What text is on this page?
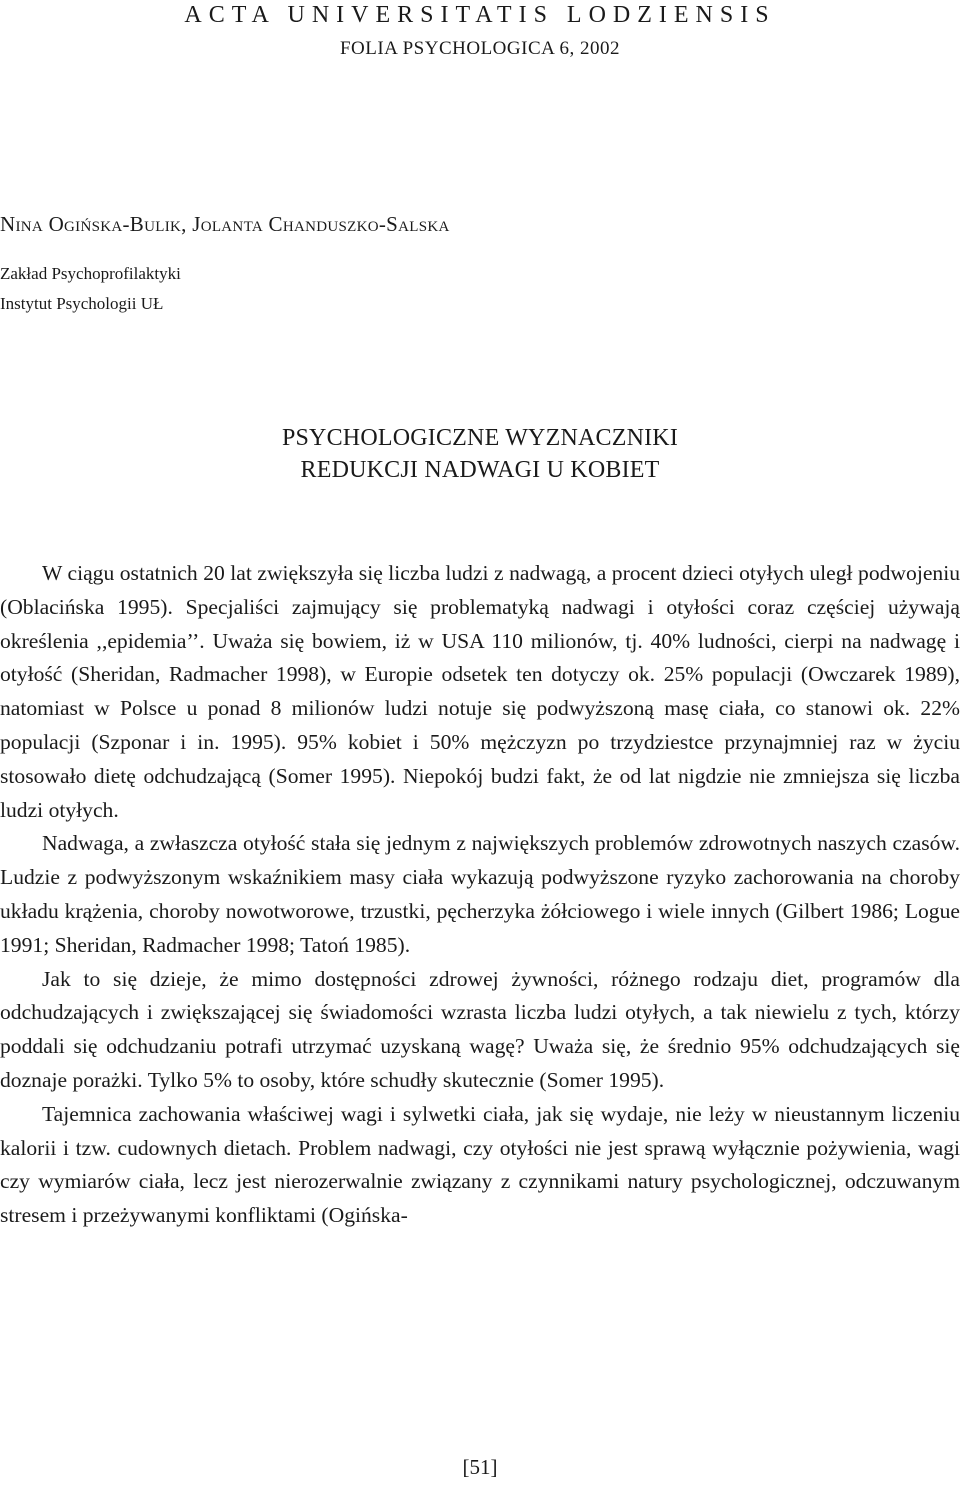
ACTA UNIVERSITATIS LODZIENSIS
FOLIA PSYCHOLOGICA 6, 2002
Nina Ogińska-Bulik, Jolanta Chanduszko-Salska
Zakład Psychoprofilaktyki
Instytut Psychologii UŁ
PSYCHOLOGICZNE WYZNACZNIKI
REDUKCJI NADWAGI U KOBIET

W ciągu ostatnich 20 lat zwiększyła się liczba ludzi z nadwagą, a procent dzieci otyłych uległ podwojeniu (Oblacińska 1995). Specjaliści zajmujący się problematyką nadwagi i otyłości coraz częściej używają określenia ,,epidemia’’. Uważa się bowiem, iż w USA 110 milionów, tj. 40% ludności, cierpi na nadwagę i otyłość (Sheridan, Radmacher 1998), w Europie odsetek ten dotyczy ok. 25% populacji (Owczarek 1989), natomiast w Polsce u ponad 8 milionów ludzi notuje się podwyższoną masę ciała, co stanowi ok. 22% populacji (Szponar i in. 1995). 95% kobiet i 50% mężczyzn po trzydziestce przynajmniej raz w życiu stosowało dietę odchudzającą (Somer 1995). Niepokój budzi fakt, że od lat nigdzie nie zmniejsza się liczba ludzi otyłych.

Nadwaga, a zwłaszcza otyłość stała się jednym z największych problemów zdrowotnych naszych czasów. Ludzie z podwyższonym wskaźnikiem masy ciała wykazują podwyższone ryzyko zachorowania na choroby układu krążenia, choroby nowotworowe, trzustki, pęcherzyka żółciowego i wiele innych (Gilbert 1986; Logue 1991; Sheridan, Radmacher 1998; Tatoń 1985).

Jak to się dzieje, że mimo dostępności zdrowej żywności, różnego rodzaju diet, programów dla odchudzających i zwiększającej się świadomości wzrasta liczba ludzi otyłych, a tak niewielu z tych, którzy poddali się odchudzaniu potrafi utrzymać uzyskaną wagę? Uważa się, że średnio 95% odchudzających się doznaje porażki. Tylko 5% to osoby, które schudły skutecznie (Somer 1995).

Tajemnica zachowania właściwej wagi i sylwetki ciała, jak się wydaje, nie leży w nieustannym liczeniu kalorii i tzw. cudownych dietach. Problem nadwagi, czy otyłości nie jest sprawą wyłącznie pożywienia, wagi czy wymiarów ciała, lecz jest nierozerwalnie związany z czynnikami natury psychologicznej, odczuwanym stresem i przeżywanymi konfliktami (Ogińska-

[51]
